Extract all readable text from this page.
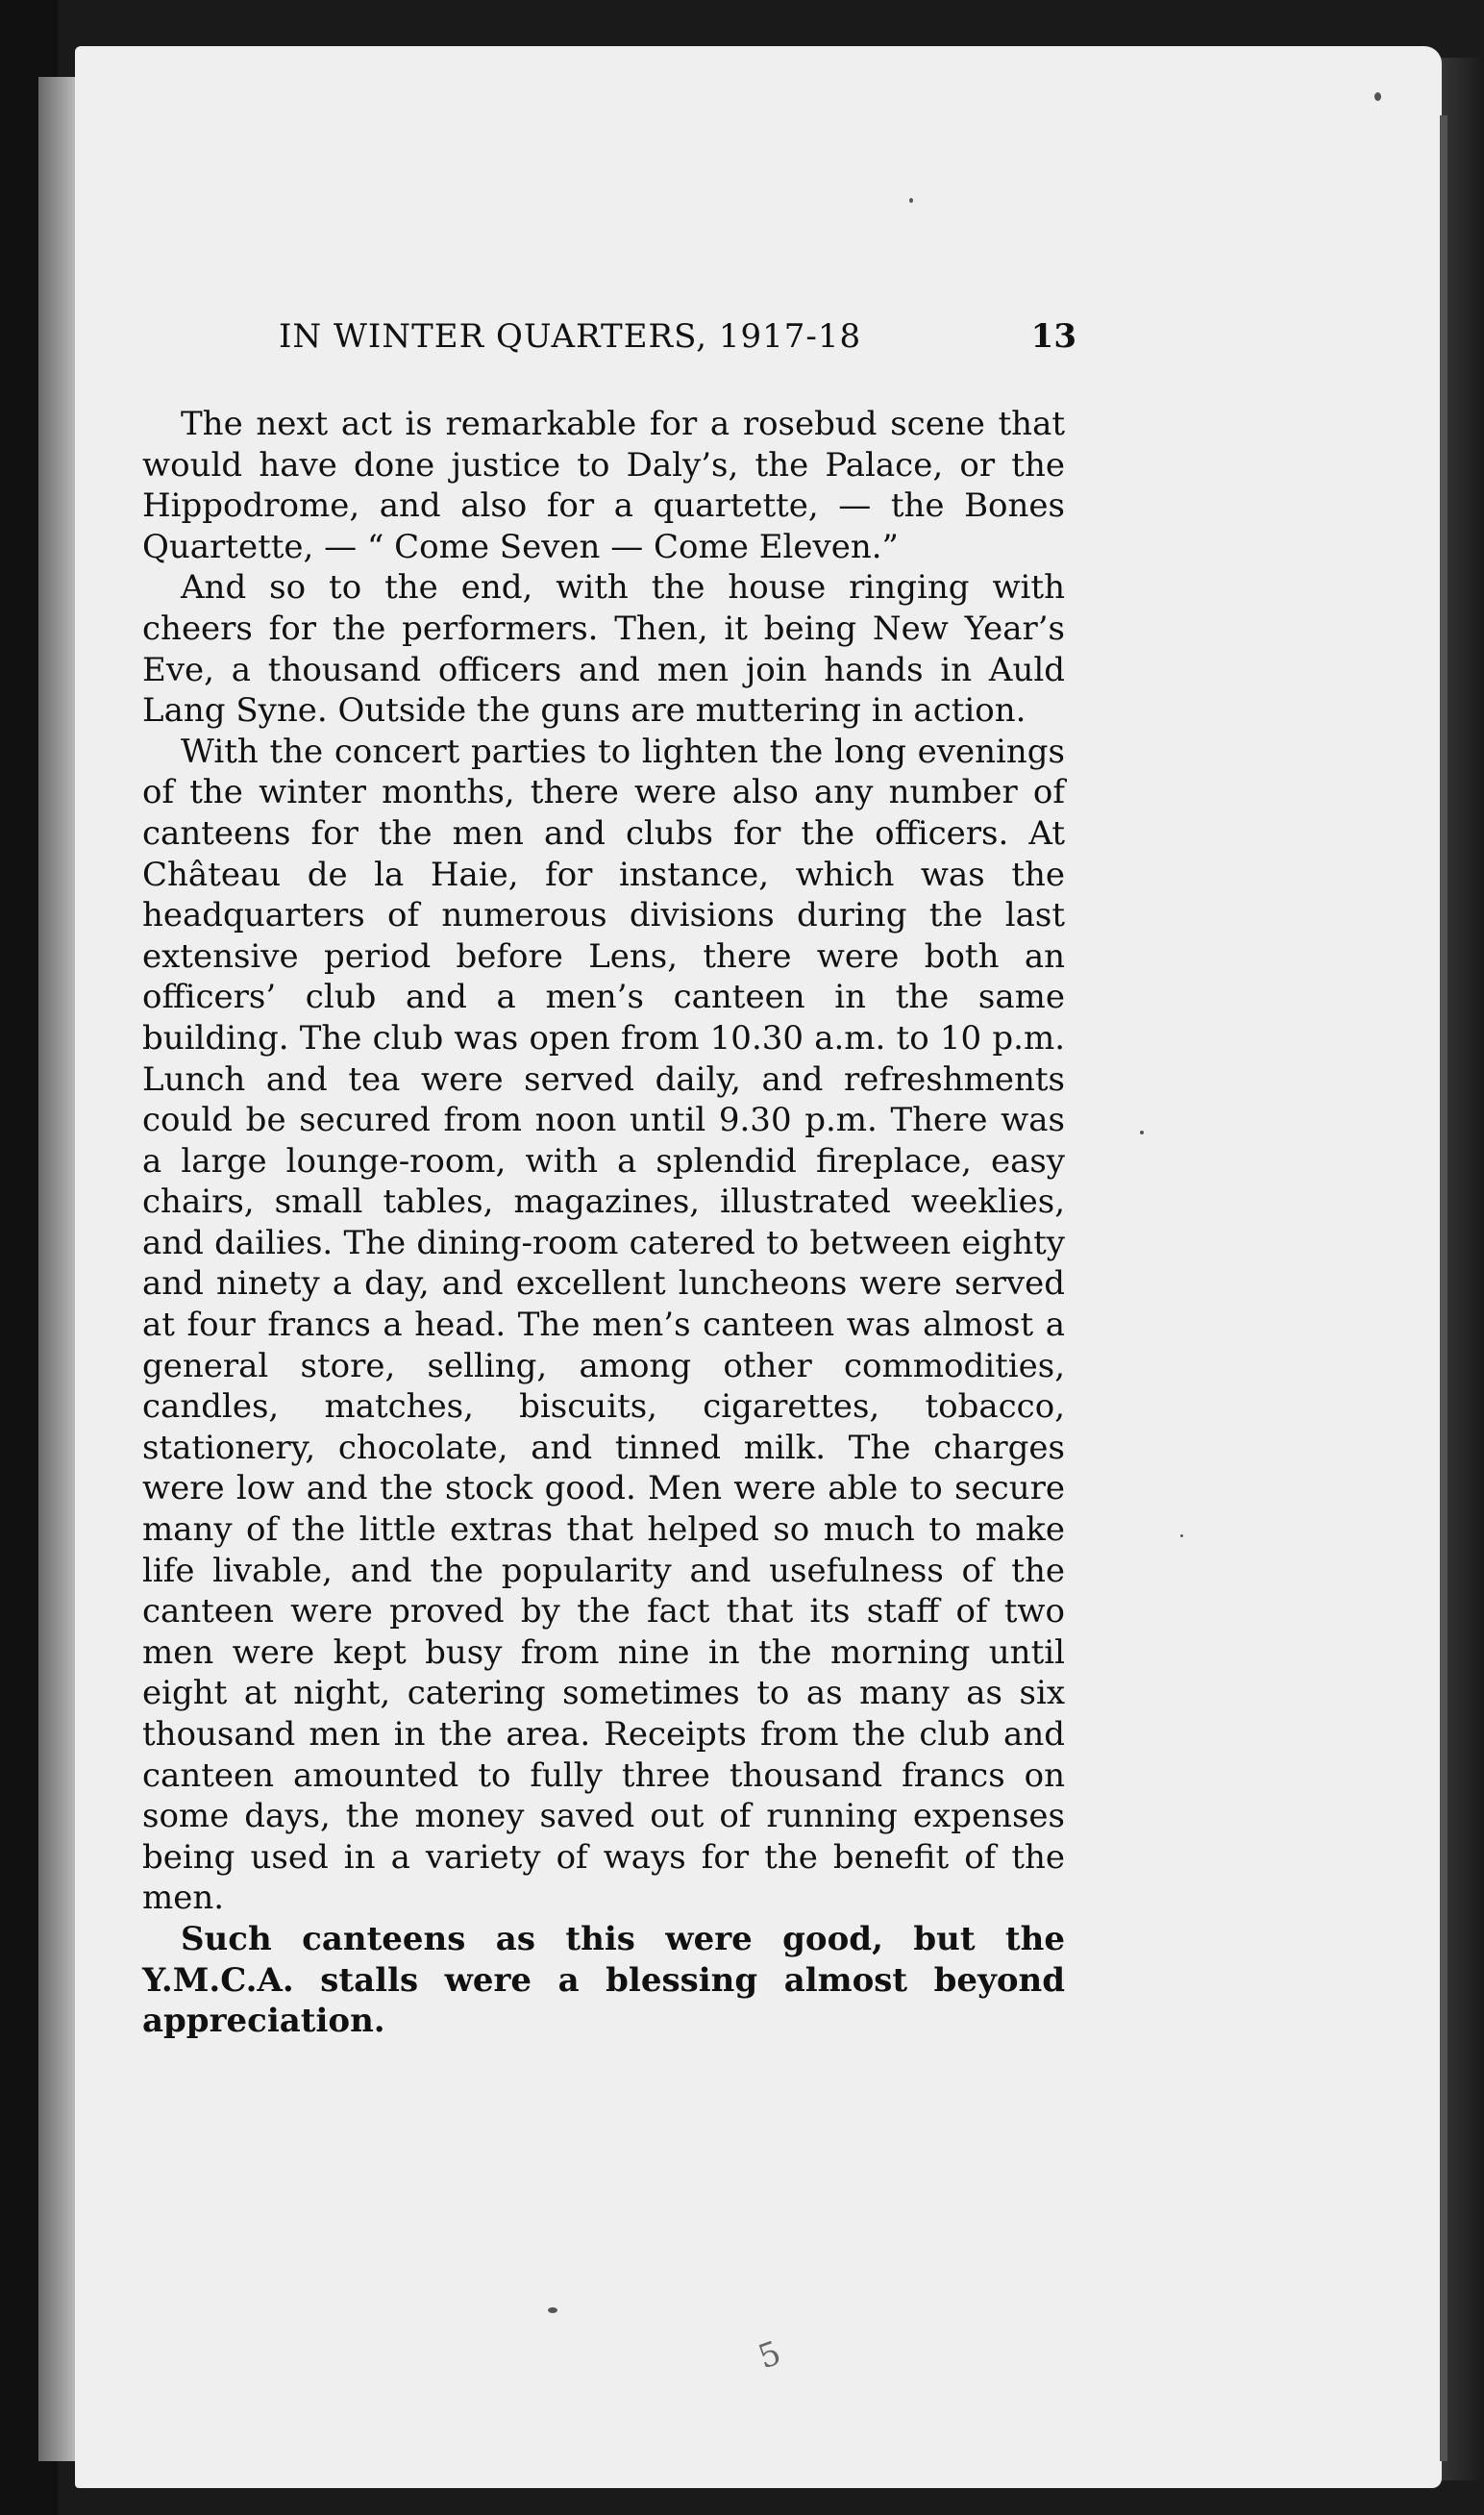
IN WINTER QUARTERS, 1917-18	13

The next act is remarkable for a rosebud scene that would have done justice to Daly’s, the Palace, or the Hippodrome, and also for a quartette, — the Bones Quartette, — “ Come Seven — Come Eleven.”

And so to the end, with the house ringing with cheers for the performers. Then, it being New Year’s Eve, a thousand officers and men join hands in Auld Lang Syne. Outside the guns are muttering in action.

With the concert parties to lighten the long evenings of the winter months, there were also any number of canteens for the men and clubs for the officers. At Château de la Haie, for instance, which was the headquarters of numerous divisions during the last extensive period before Lens, there were both an officers’ club and a men’s canteen in the same building. The club was open from 10.30 a.m. to 10 p.m. Lunch and tea were served daily, and refreshments could be secured from noon until 9.30 p.m. There was a large lounge-room, with a splendid fireplace, easy chairs, small tables, magazines, illustrated weeklies, and dailies. The dining-room catered to between eighty and ninety a day, and excellent luncheons were served at four francs a head. The men’s canteen was almost a general store, selling, among other commodities, candles, matches, biscuits, cigarettes, tobacco, stationery, chocolate, and tinned milk. The charges were low and the stock good. Men were able to secure many of the little extras that helped so much to make life livable, and the popularity and usefulness of the canteen were proved by the fact that its staff of two men were kept busy from nine in the morning until eight at night, catering sometimes to as many as six thousand men in the area. Receipts from the club and canteen amounted to fully three thousand francs on some days, the money saved out of running expenses being used in a variety of ways for the benefit of the men.

Such canteens as this were good, but the Y.M.C.A. stalls were a blessing almost beyond appreciation.

5
